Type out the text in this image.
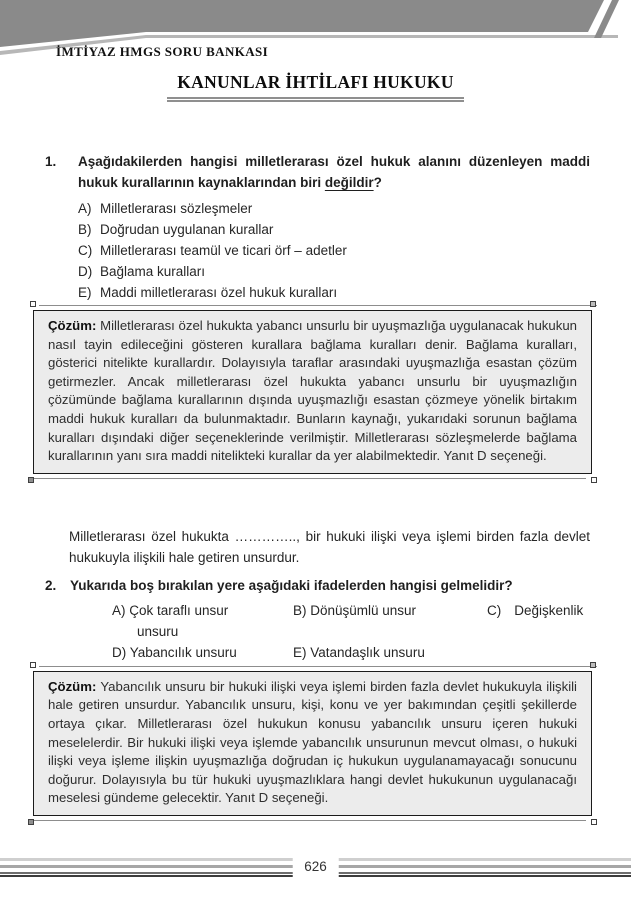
İMTİYAZ HMGS SORU BANKASI
KANUNLAR İHTİLAFI HUKUKU
1.	Aşağıdakilerden hangisi milletlerarası özel hukuk alanını düzenleyen maddi hukuk kurallarının kaynaklarından biri değildir?

A) Milletlerarası sözleşmeler
B) Doğrudan uygulanan kurallar
C) Milletlerarası teamül ve ticari örf – adetler
D) Bağlama kuralları
E) Maddi milletlerarası özel hukuk kuralları

Çözüm: Milletlerarası özel hukukta yabancı unsurlu bir uyuşmazlığa uygulanacak hukukun nasıl tayin edileceğini gösteren kurallara bağlama kuralları denir. Bağlama kuralları, gösterici nitelikte kurallardır. Dolayısıyla taraflar arasındaki uyuşmazlığa esastan çözüm getirmezler. Ancak milletlerarası özel hukukta yabancı unsurlu bir uyuşmazlığın çözümünde bağlama kurallarının dışında uyuşmazlığı esastan çözmeye yönelik birtakım maddi hukuk kuralları da bulunmaktadır. Bunların kaynağı, yukarıdaki sorunun bağlama kuralları dışındaki diğer seçeneklerinde verilmiştir. Milletlerarası sözleşmelerde bağlama kurallarının yanı sıra maddi nitelikteki kurallar da yer alabilmektedir. Yanıt D seçeneği.

Milletlerarası özel hukukta ………….., bir hukuki ilişki veya işlemi birden fazla devlet hukukuyla ilişkili hale getiren unsurdur.

2.	Yukarıda boş bırakılan yere aşağıdaki ifadelerden hangisi gelmelidir?

A) Çok taraflı unsur	B) Dönüşümlü unsur	C) Değişkenlik
unsuru
D) Yabancılık unsuru	E) Vatandaşlık unsuru

Çözüm: Yabancılık unsuru bir hukuki ilişki veya işlemi birden fazla devlet hukukuyla ilişkili hale getiren unsurdur. Yabancılık unsuru, kişi, konu ve yer bakımından çeşitli şekillerde ortaya çıkar. Milletlerarası özel hukukun konusu yabancılık unsuru içeren hukuki meselelerdir. Bir hukuki ilişki veya işlemde yabancılık unsurunun mevcut olması, o hukuki ilişki veya işleme ilişkin uyuşmazlığa doğrudan iç hukukun uygulanamayacağı sonucunu doğurur. Dolayısıyla bu tür hukuki uyuşmazlıklara hangi devlet hukukunun uygulanacağı meselesi gündeme gelecektir. Yanıt D seçeneği.

626
